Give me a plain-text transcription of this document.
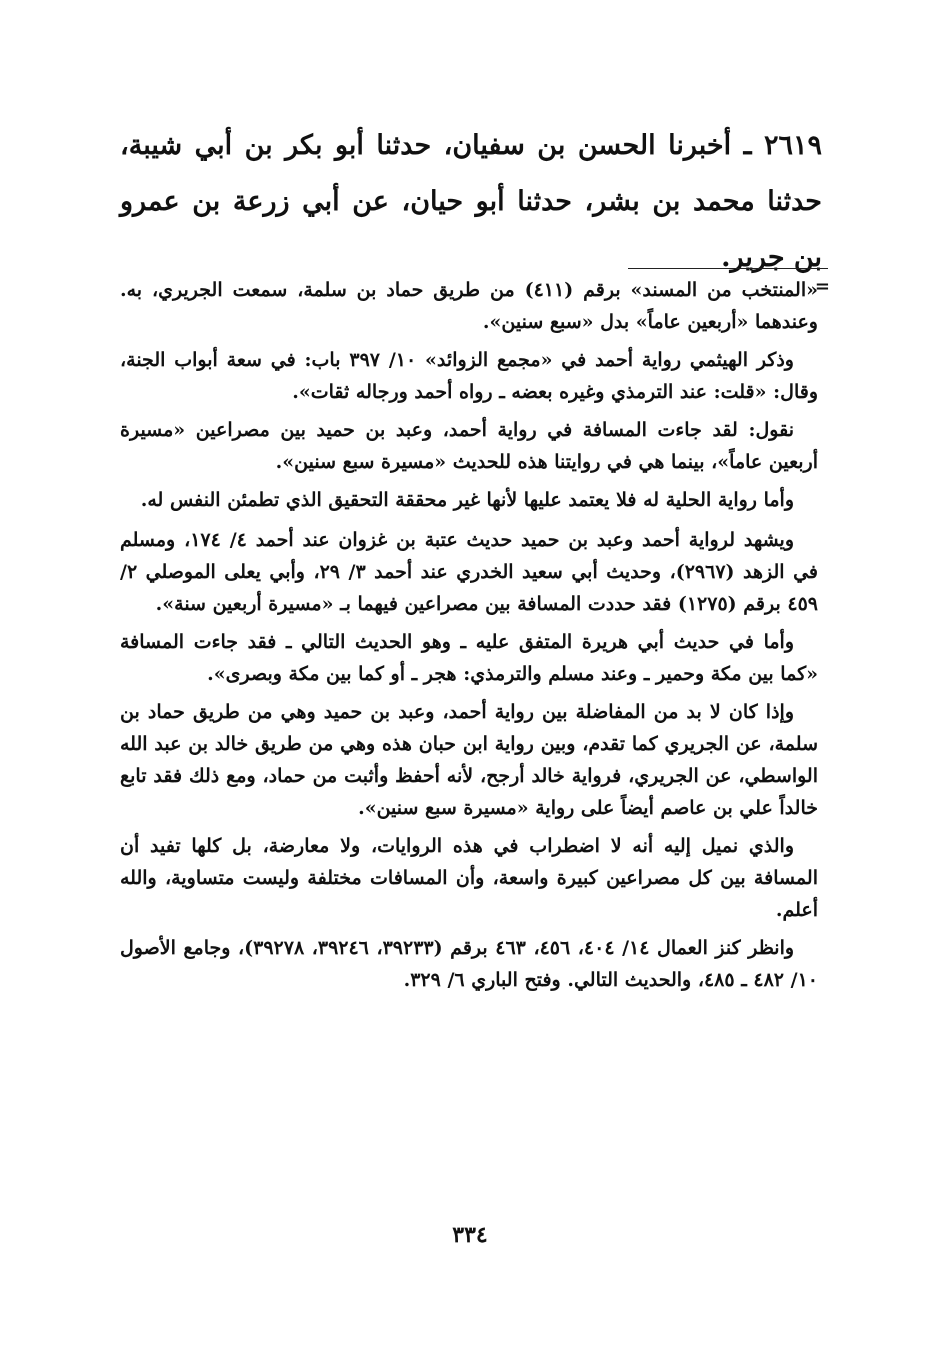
٢٦١٩ ـ أخبرنا الحسن بن سفيان، حدثنا أبو بكر بن أبي شيبة، حدثنا محمد بن بشر، حدثنا أبو حيان، عن أبي زرعة بن عمرو بن جرير.

=

«المنتخب من المسند» برقم (٤١١) من طريق حماد بن سلمة، سمعت الجريري، به. وعندهما «أربعين عاماً» بدل «سبع سنين».

وذكر الهيثمي رواية أحمد في «مجمع الزوائد» ١٠/ ٣٩٧ باب: في سعة أبواب الجنة، وقال: «قلت: عند الترمذي وغيره بعضه ـ رواه أحمد ورجاله ثقات».

نقول: لقد جاءت المسافة في رواية أحمد، وعبد بن حميد بين مصراعين «مسيرة أربعين عاماً»، بينما هي في روايتنا هذه للحديث «مسيرة سبع سنين».

وأما رواية الحلية له فلا يعتمد عليها لأنها غير محققة التحقيق الذي تطمئن النفس له.

ويشهد لرواية أحمد وعبد بن حميد حديث عتبة بن غزوان عند أحمد ٤/ ١٧٤، ومسلم في الزهد (٢٩٦٧)، وحديث أبي سعيد الخدري عند أحمد ٣/ ٢٩، وأبي يعلى الموصلي ٢/ ٤٥٩ برقم (١٢٧٥) فقد حددت المسافة بين مصراعين فيهما بـ «مسيرة أربعين سنة».

وأما في حديث أبي هريرة المتفق عليه ـ وهو الحديث التالي ـ فقد جاءت المسافة «كما بين مكة وحمير ـ وعند مسلم والترمذي: هجر ـ أو كما بين مكة وبصرى».

وإذا كان لا بد من المفاضلة بين رواية أحمد، وعبد بن حميد وهي من طريق حماد بن سلمة، عن الجريري كما تقدم، وبين رواية ابن حبان هذه وهي من طريق خالد بن عبد الله الواسطي، عن الجريري، فرواية خالد أرجح، لأنه أحفظ وأثبت من حماد، ومع ذلك فقد تابع خالداً علي بن عاصم أيضاً على رواية «مسيرة سبع سنين».

والذي نميل إليه أنه لا اضطراب في هذه الروايات، ولا معارضة، بل كلها تفيد أن المسافة بين كل مصراعين كبيرة واسعة، وأن المسافات مختلفة وليست متساوية، والله أعلم.

وانظر كنز العمال ١٤/ ٤٠٤، ٤٥٦، ٤٦٣ برقم (٣٩٢٣٣، ٣٩٢٤٦، ٣٩٢٧٨)، وجامع الأصول ١٠/ ٤٨٢ ـ ٤٨٥، والحديث التالي. وفتح الباري ٦/ ٣٢٩.

٣٣٤
